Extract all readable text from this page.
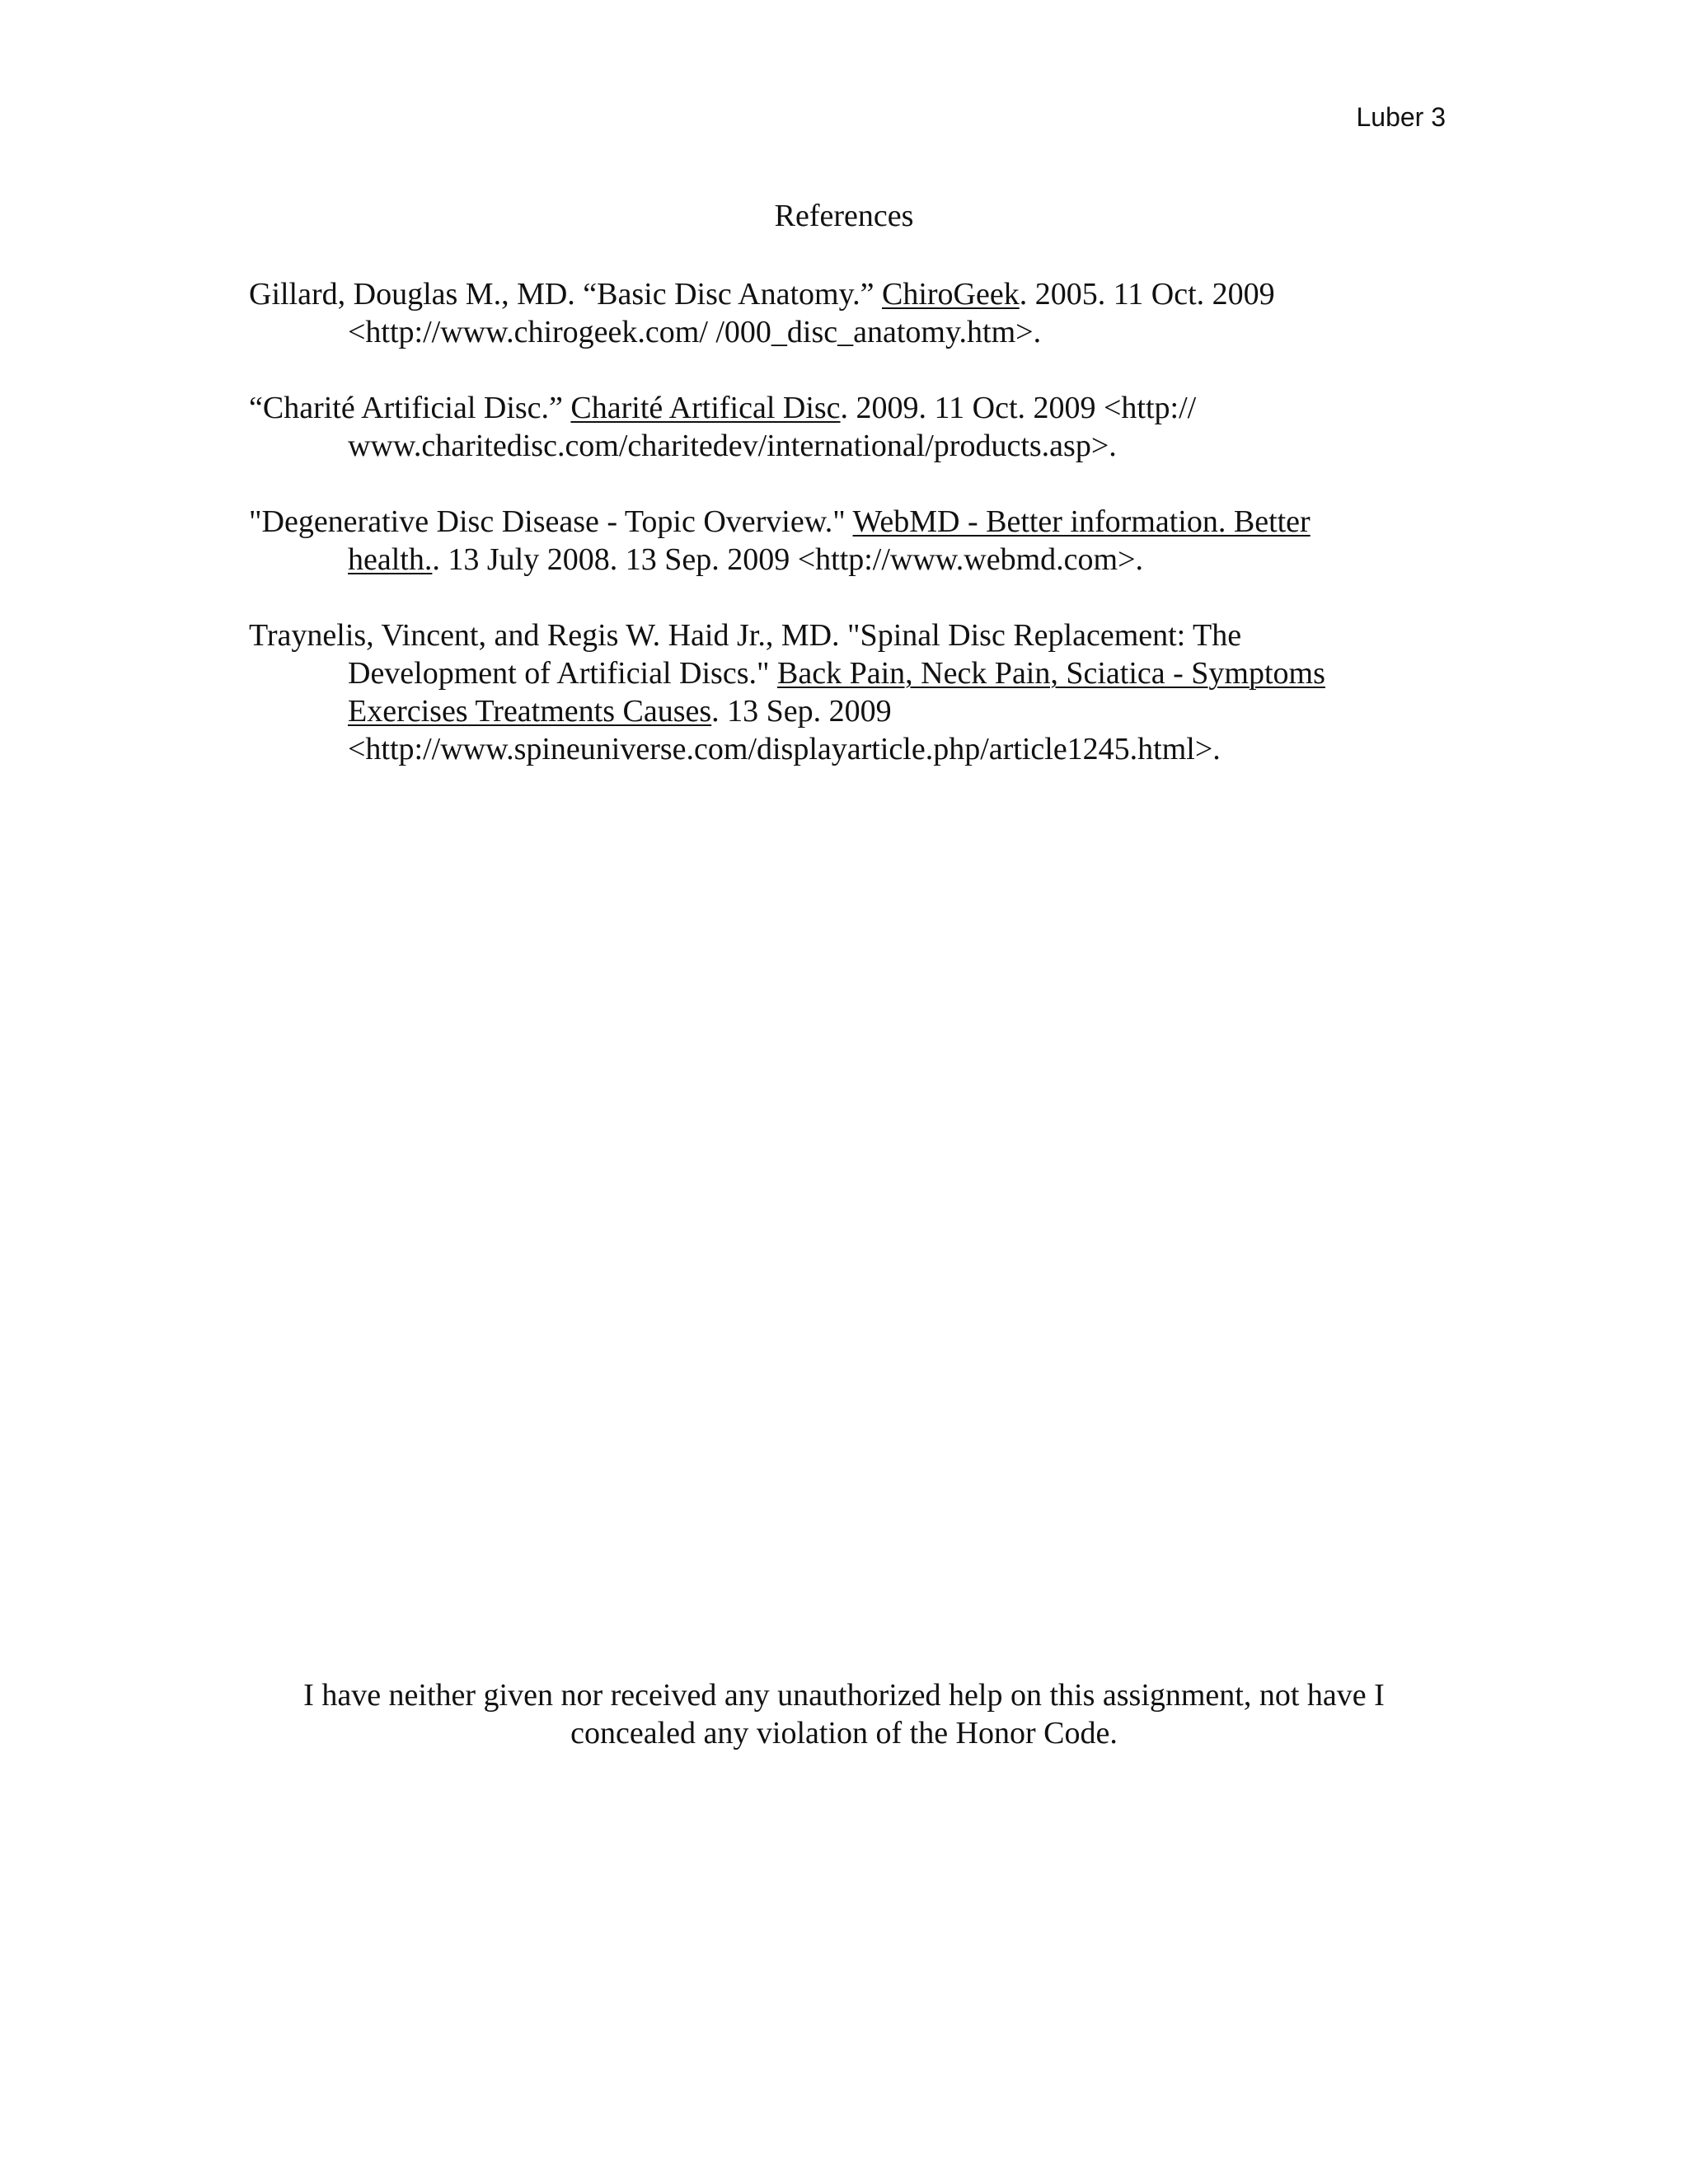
Luber 3
References
Gillard, Douglas M., MD. “Basic Disc Anatomy.” ChiroGeek. 2005. 11 Oct. 2009
<http://www.chirogeek.com/ /000_disc_anatomy.htm>.
“Charité Artificial Disc.” Charité Artifical Disc. 2009. 11 Oct. 2009 <http://
www.charitedisc.com/charitedev/international/products.asp>.
"Degenerative Disc Disease - Topic Overview." WebMD - Better information. Better
health.. 13 July 2008. 13 Sep. 2009 <http://www.webmd.com>.
Traynelis, Vincent, and Regis W. Haid Jr., MD. "Spinal Disc Replacement: The
Development of Artificial Discs." Back Pain, Neck Pain, Sciatica - Symptoms
Exercises Treatments Causes. 13 Sep. 2009
<http://www.spineuniverse.com/displayarticle.php/article1245.html>.
I have neither given nor received any unauthorized help on this assignment, not have I
concealed any violation of the Honor Code.
